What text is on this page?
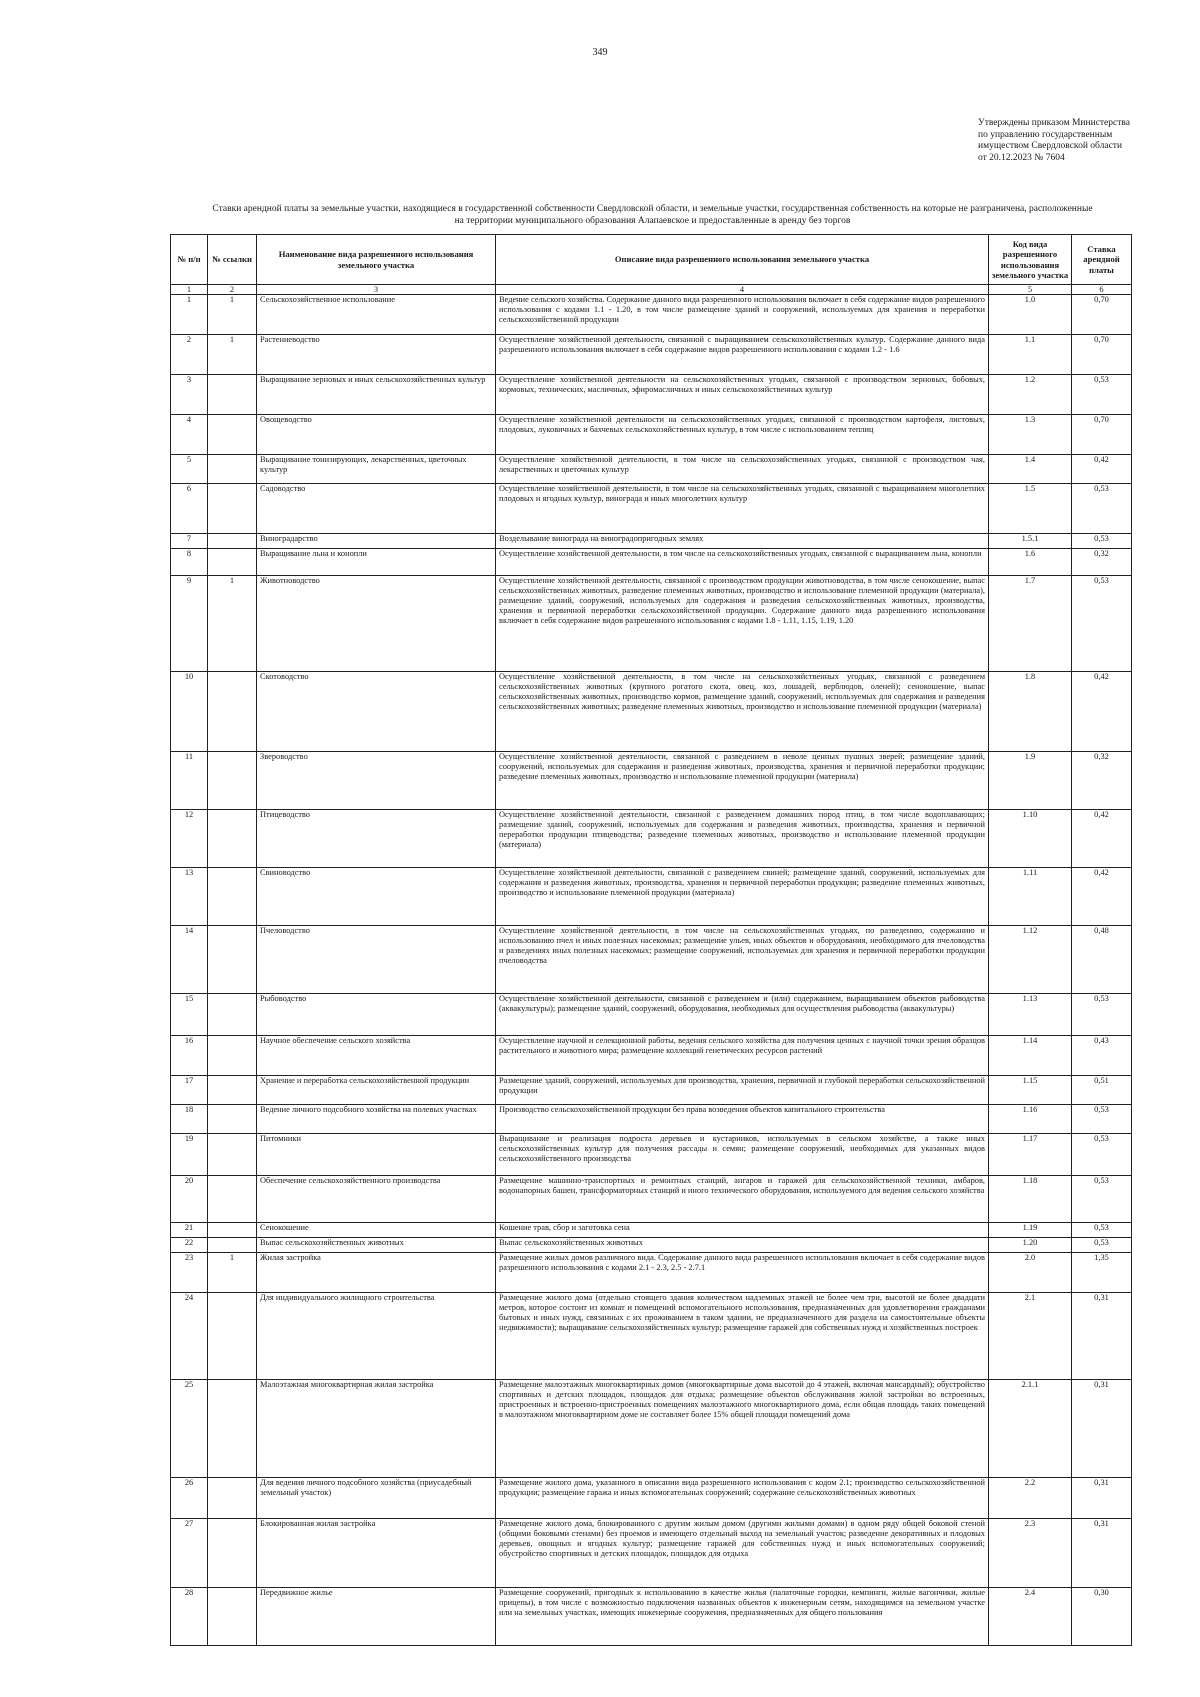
349
Утверждены приказом Министерства
по управлению государственным
имуществом Свердловской области
от 20.12.2023 № 7604
Ставки арендной платы за земельные участки, находящиеся в государственной собственности Свердловской области, и земельные участки, государственная собственность на которые не разграничена, расположенные
на территории муниципального образования Алапаевское и предоставленные в аренду без торгов
№ п/п	№ ссылки	Наименование вида разрешенного использования земельного участка	Описание вида разрешенного использования земельного участка	Код вида разрешенного использования земельного участка	Ставка арендной платы
1	2	3	4	5	6
1	1	Сельскохозяйственное использование	Ведение сельского хозяйства. Содержание данного вида разрешенного использования включает в себя содержание видов разрешенного использования с кодами 1.1 - 1.20, в том числе размещение зданий и сооружений, используемых для хранения и переработки сельскохозяйственной продукции	1.0	0,70
2	1	Растениеводство	Осуществление хозяйственной деятельности, связанной с выращиванием сельскохозяйственных культур. Содержание данного вида разрешенного использования включает в себя содержание видов разрешенного использования с кодами 1.2 - 1.6	1.1	0,70
3		Выращивание зерновых и иных сельскохозяйственных культур	Осуществление хозяйственной деятельности на сельскохозяйственных угодьях, связанной с производством зерновых, бобовых, кормовых, технических, масличных, эфиромасличных и иных сельскохозяйственных культур	1.2	0,53
4		Овощеводство	Осуществление хозяйственной деятельности на сельскохозяйственных угодьях, связанной с производством картофеля, листовых, плодовых, луковичных и бахчевых сельскохозяйственных культур, в том числе с использованием теплиц	1.3	0,70
5		Выращивание тонизирующих, лекарственных, цветочных культур	Осуществление хозяйственной деятельности, в том числе на сельскохозяйственных угодьях, связанной с производством чая, лекарственных и цветочных культур	1.4	0,42
6		Садоводство	Осуществление хозяйственной деятельности, в том числе на сельскохозяйственных угодьях, связанной с выращиванием многолетних плодовых и ягодных культур, винограда и иных многолетних культур	1.5	0,53
7		Виноградарство	Возделывание винограда на виноградопригодных землях	1.5.1	0,53
8		Выращивание льна и конопли	Осуществление хозяйственной деятельности, в том числе на сельскохозяйственных угодьях, связанной с выращиванием льна, конопли	1.6	0,32
9	1	Животноводство	Осуществление хозяйственной деятельности, связанной с производством продукции животноводства, в том числе сенокошение, выпас сельскохозяйственных животных, разведение племенных животных, производство и использование племенной продукции (материала), размещение зданий, сооружений, используемых для содержания и разведения сельскохозяйственных животных, производства, хранения и первичной переработки сельскохозяйственной продукции. Содержание данного вида разрешенного использования включает в себя содержание видов разрешенного использования с кодами 1.8 - 1.11, 1.15, 1.19, 1.20	1.7	0,53
10		Скотоводство	Осуществление хозяйственной деятельности, в том числе на сельскохозяйственных угодьях, связанной с разведением сельскохозяйственных животных (крупного рогатого скота, овец, коз, лошадей, верблюдов, оленей); сенокошение, выпас сельскохозяйственных животных, производство кормов, размещение зданий, сооружений, используемых для содержания и разведения сельскохозяйственных животных; разведение племенных животных, производство и использование племенной продукции (материала)	1.8	0,42
11		Звероводство	Осуществление хозяйственной деятельности, связанной с разведением в неволе ценных пушных зверей; размещение зданий, сооружений, используемых для содержания и разведения животных, производства, хранения и первичной переработки продукции; разведение племенных животных, производство и использование племенной продукции (материала)	1.9	0,32
12		Птицеводство	Осуществление хозяйственной деятельности, связанной с разведением домашних пород птиц, в том числе водоплавающих; размещение зданий, сооружений, используемых для содержания и разведения животных, производства, хранения и первичной переработки продукции птицеводства; разведение племенных животных, производство и использование племенной продукции (материала)	1.10	0,42
13		Свиноводство	Осуществление хозяйственной деятельности, связанной с разведением свиней; размещение зданий, сооружений, используемых для содержания и разведения животных, производства, хранения и первичной переработки продукции; разведение племенных животных, производство и использование племенной продукции (материала)	1.11	0,42
14		Пчеловодство	Осуществление хозяйственной деятельности, в том числе на сельскохозяйственных угодьях, по разведению, содержанию и использованию пчел и иных полезных насекомых; размещение ульев, иных объектов и оборудования, необходимого для пчеловодства и разведениях иных полезных насекомых; размещение сооружений, используемых для хранения и первичной переработки продукции пчеловодства	1.12	0,48
15		Рыбоводство	Осуществление хозяйственной деятельности, связанной с разведением и (или) содержанием, выращиванием объектов рыбоводства (аквакультуры); размещение зданий, сооружений, оборудования, необходимых для осуществления рыбоводства (аквакультуры)	1.13	0,53
16		Научное обеспечение сельского хозяйства	Осуществление научной и селекционной работы, ведения сельского хозяйства для получения ценных с научной точки зрения образцов растительного и животного мира; размещение коллекций генетических ресурсов растений	1.14	0,43
17		Хранение и переработка сельскохозяйственной продукции	Размещение зданий, сооружений, используемых для производства, хранения, первичной и глубокой переработки сельскохозяйственной продукции	1.15	0,51
18		Ведение личного подсобного хозяйства на полевых участках	Производство сельскохозяйственной продукции без права возведения объектов капитального строительства	1.16	0,53
19		Питомники	Выращивание и реализация подроста деревьев и кустарников, используемых в сельском хозяйстве, а также иных сельскохозяйственных культур для получения рассады и семян; размещение сооружений, необходимых для указанных видов сельскохозяйственного производства	1.17	0,53
20		Обеспечение сельскохозяйственного производства	Размещение машинно-транспортных и ремонтных станций, ангаров и гаражей для сельскохозяйственной техники, амбаров, водонапорных башен, трансформаторных станций и иного технического оборудования, используемого для ведения сельского хозяйства	1.18	0,53
21		Сенокошение	Кошение трав, сбор и заготовка сена	1.19	0,53
22		Выпас сельскохозяйственных животных	Выпас сельскохозяйственных животных	1.20	0,53
23	1	Жилая застройка	Размещение жилых домов различного вида. Содержание данного вида разрешенного использования включает в себя содержание видов разрешенного использования с кодами 2.1 - 2.3, 2.5 - 2.7.1	2.0	1,35
24		Для индивидуального жилищного строительства	Размещение жилого дома (отдельно стоящего здания количеством надземных этажей не более чем три, высотой не более двадцати метров, которое состоит из комнат и помещений вспомогательного использования, предназначенных для удовлетворения гражданами бытовых и иных нужд, связанных с их проживанием в таком здании, не предназначенного для раздела на самостоятельные объекты недвижимости); выращивание сельскохозяйственных культур; размещение гаражей для собственных нужд и хозяйственных построек	2.1	0,31
25		Малоэтажная многоквартирная жилая застройка	Размещение малоэтажных многоквартирных домов (многоквартирные дома высотой до 4 этажей, включая мансардный); обустройство спортивных и детских площадок, площадок для отдыха; размещение объектов обслуживания жилой застройки во встроенных, пристроенных и встроенно-пристроенных помещениях малоэтажного многоквартирного дома, если общая площадь таких помещений в малоэтажном многоквартирном доме не составляет более 15% общей площади помещений дома	2.1.1	0,31
26		Для ведения личного подсобного хозяйства (приусадебный земельный участок)	Размещение жилого дома, указанного в описании вида разрешенного использования с кодом 2.1; производство сельскохозяйственной продукции; размещение гаража и иных вспомогательных сооружений; содержание сельскохозяйственных животных	2.2	0,31
27		Блокированная жилая застройка	Размещение жилого дома, блокированного с другим жилым домом (другими жилыми домами) в одном ряду общей боковой стеной (общими боковыми стенами) без проемов и имеющего отдельный выход на земельный участок; разведение декоративных и плодовых деревьев, овощных и ягодных культур; размещение гаражей для собственных нужд и иных вспомогательных сооружений; обустройство спортивных и детских площадок, площадок для отдыха	2.3	0,31
28		Передвижное жилье	Размещение сооружений, пригодных к использованию в качестве жилья (палаточные городки, кемпинги, жилые вагончики, жилые прицепы), в том числе с возможностью подключения названных объектов к инженерным сетям, находящимся на земельном участке или на земельных участках, имеющих инженерные сооружения, предназначенных для общего пользования	2.4	0,30
